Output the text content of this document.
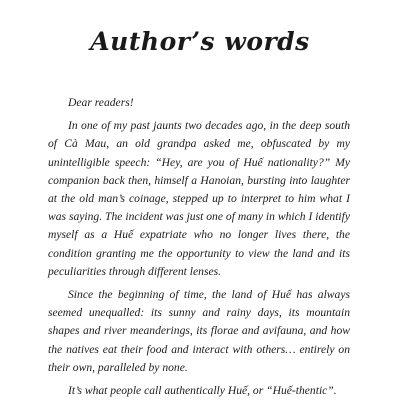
Author’s words

Dear readers!

In one of my past jaunts two decades ago, in the deep south of Cà Mau, an old grandpa asked me, obfuscated by my unintelligible speech: “Hey, are you of Huế nationality?” My companion back then, himself a Hanoian, bursting into laughter at the old man’s coinage, stepped up to interpret to him what I was saying. The incident was just one of many in which I identify myself as a Huế expatriate who no longer lives there, the condition granting me the opportunity to view the land and its peculiarities through different lenses.

Since the beginning of time, the land of Huế has always seemed unequalled: its sunny and rainy days, its mountain shapes and river meanderings, its florae and avifauna, and how the natives eat their food and interact with others… entirely on their own, paralleled by none.

It’s what people call authentically Huế, or “Huế-thentic”.
